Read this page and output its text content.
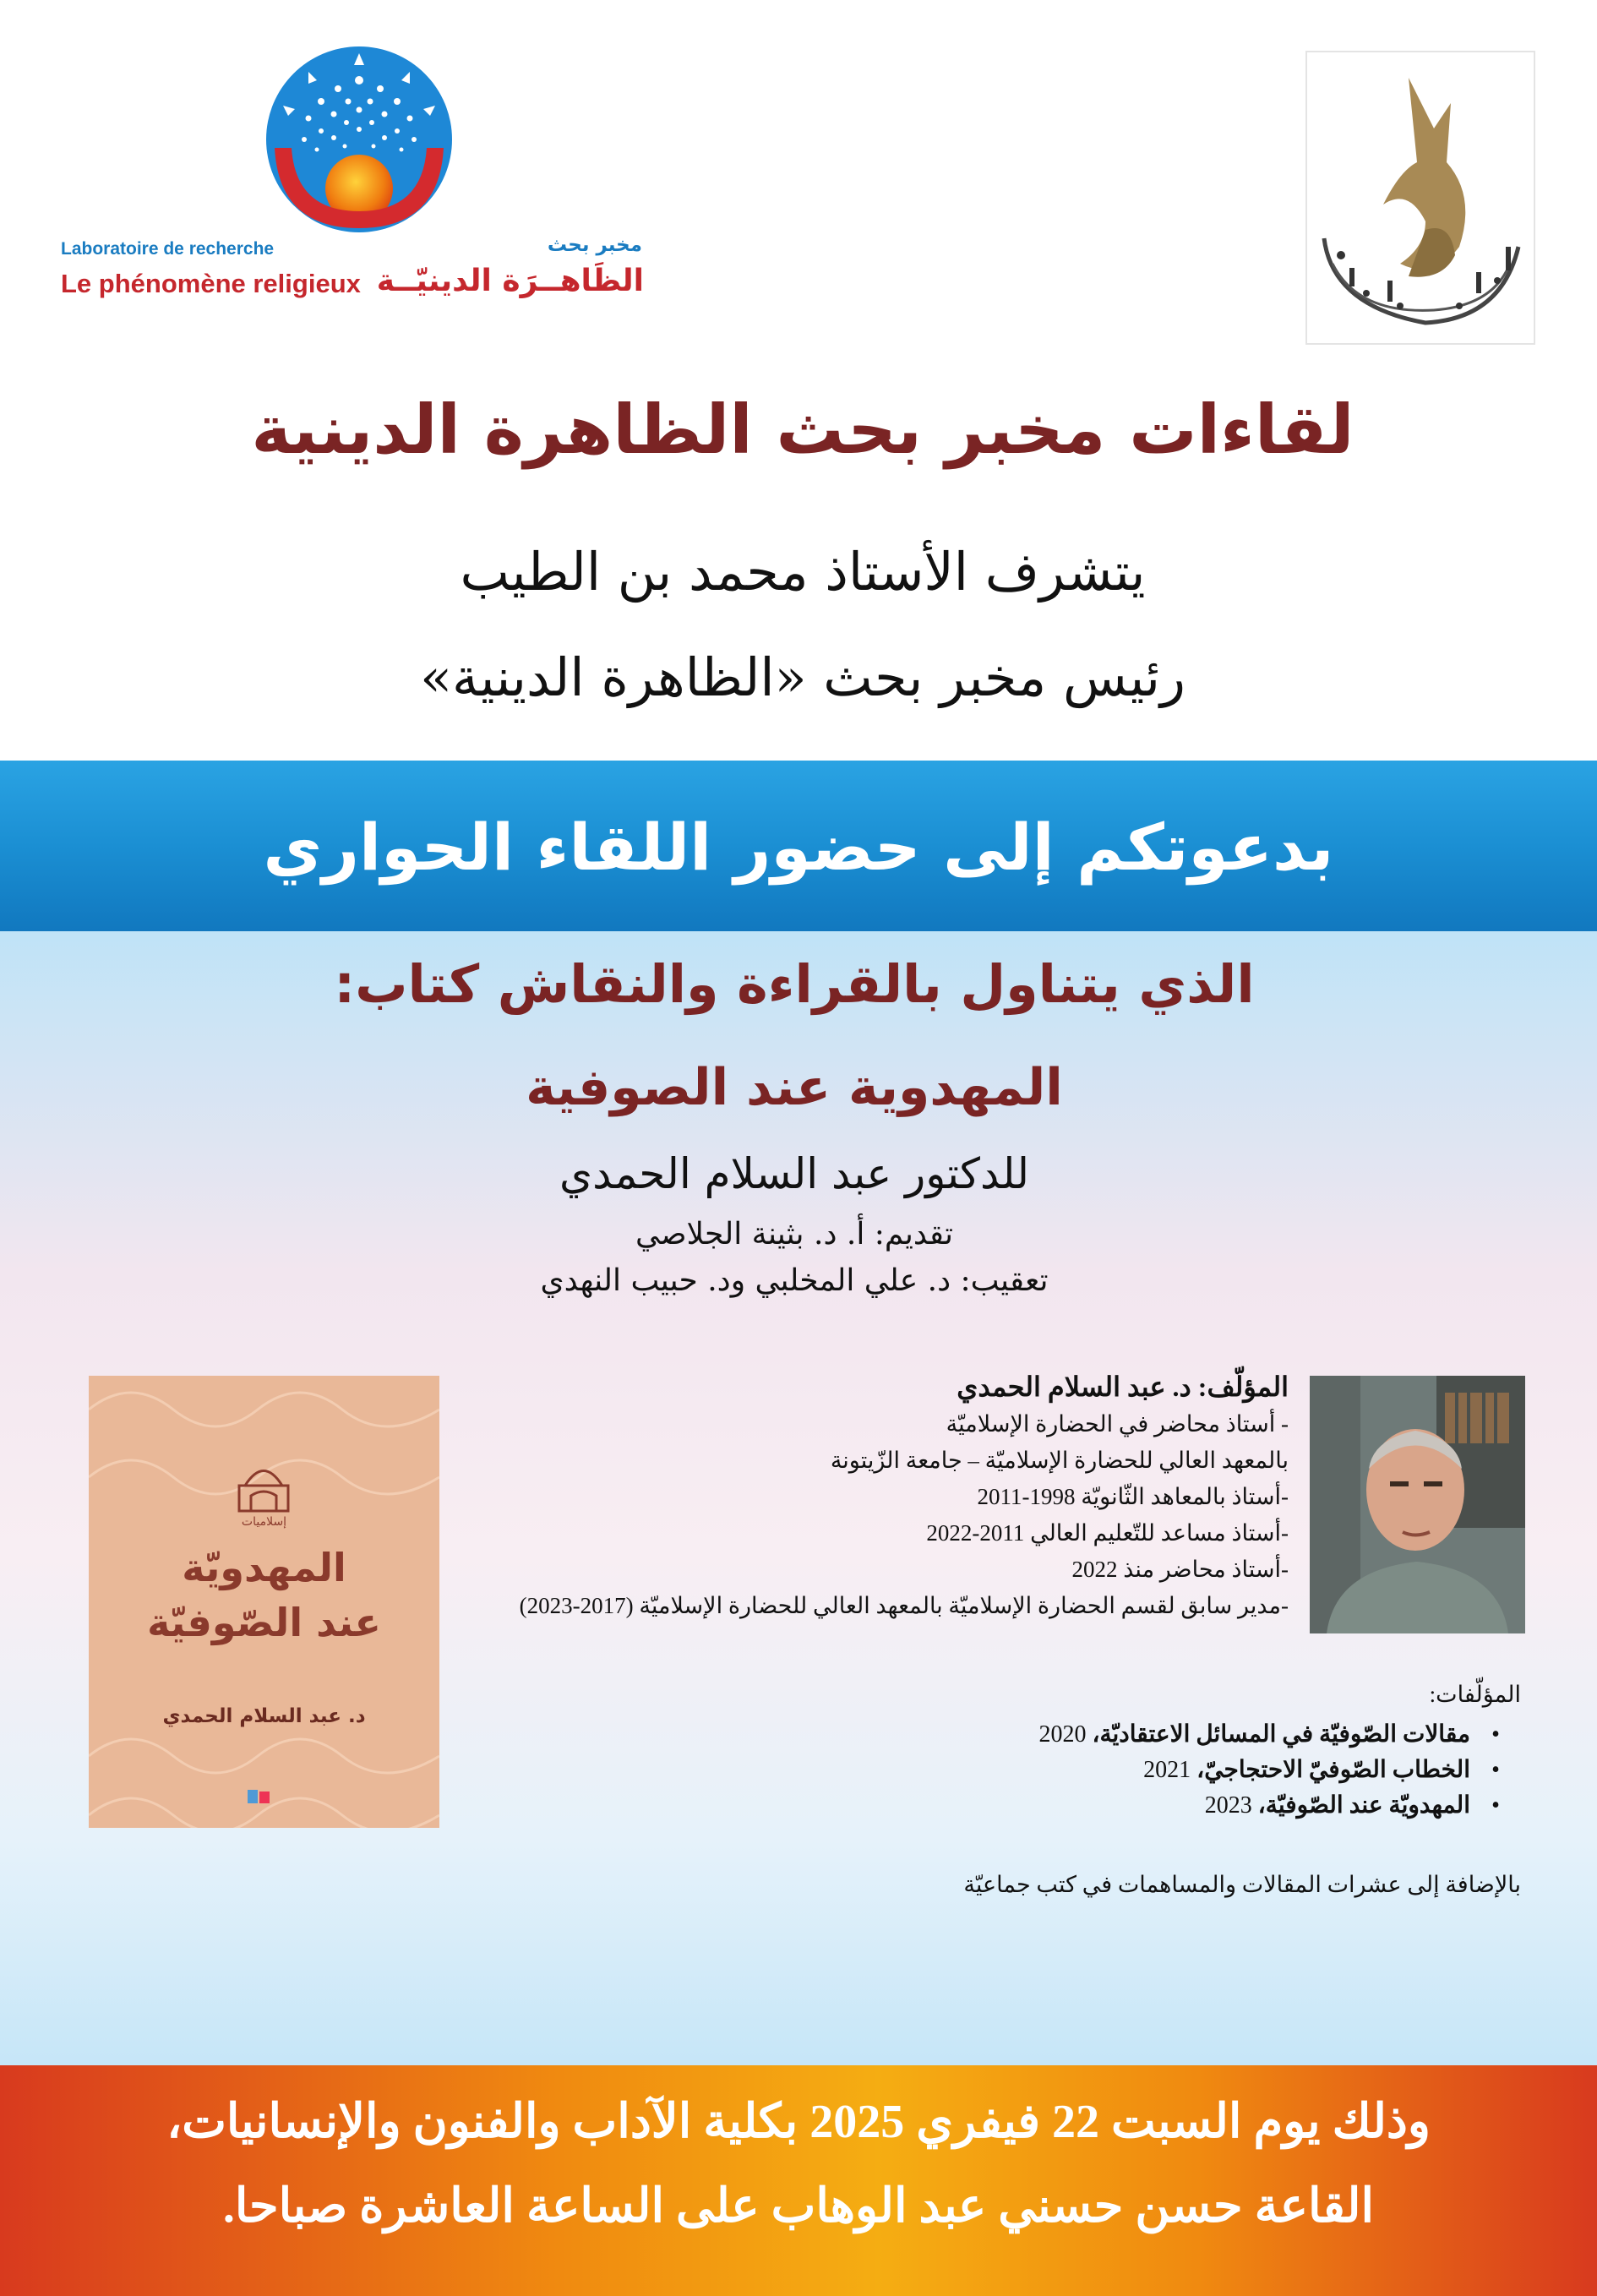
Laboratoire de recherche	مخبر بحث
Le phénomène religieux الظَاهــرَة الدينيّــة
لقاءات مخبر بحث الظاهرة الدينية
يتشرف الأستاذ محمد بن الطيب
رئيس مخبر بحث «الظاهرة الدينية»
بدعوتكم إلى حضور اللقاء الحواري
الذي يتناول بالقراءة والنقاش كتاب:
المهدوية عند الصوفية
للدكتور عبد السلام الحمدي
تقديم: أ. د. بثينة الجلاصي
تعقيب: د. علي المخلبي ود. حبيب النهدي
إسلاميات
المهدويّة
عند الصّوفيّة
د. عبد السلام الحمدي
المؤلّف: د. عبد السلام الحمدي
- أستاذ محاضر في الحضارة الإسلاميّة
بالمعهد العالي للحضارة الإسلاميّة – جامعة الزّيتونة
-أستاذ بالمعاهد الثّانويّة 1998-2011
-أستاذ مساعد للتّعليم العالي 2011-2022
-أستاذ محاضر منذ 2022
-مدير سابق لقسم الحضارة الإسلاميّة بالمعهد العالي للحضارة الإسلاميّة (2017-2023)
المؤلّفات:
•مقالات الصّوفيّة في المسائل الاعتقاديّة، 2020
•الخطاب الصّوفيّ الاحتجاجيّ، 2021
•المهدويّة عند الصّوفيّة، 2023
بالإضافة إلى عشرات المقالات والمساهمات في كتب جماعيّة
وذلك يوم السبت 22 فيفري 2025 بكلية الآداب والفنون والإنسانيات،
القاعة حسن حسني عبد الوهاب على الساعة العاشرة صباحا.
